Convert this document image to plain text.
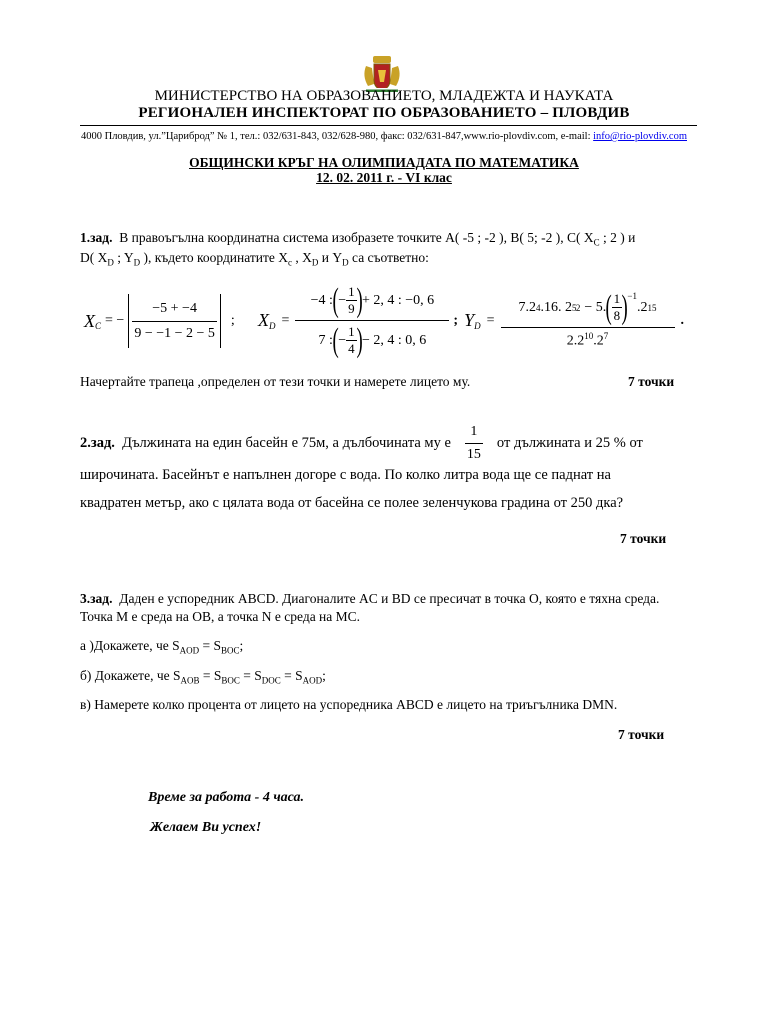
МИНИСТЕРСТВО НА ОБРАЗОВАНИЕТО, МЛАДЕЖТА И НАУКАТА
РЕГИОНАЛЕН ИНСПЕКТОРАТ ПО ОБРАЗОВАНИЕТО – ПЛОВДИВ
4000 Пловдив, ул.”Цариброд” № 1, тел.: 032/631-843, 032/628-980, факс: 032/631-847,www.rio-plovdiv.com, e-mail: info@rio-plovdiv.com
ОБЩИНСКИ КРЪГ НА ОЛИМПИАДАТА ПО МАТЕМАТИКА
12. 02. 2011 г. - VI клас
1.зад. В правоъгълна координатна система изобразете точките А( -5 ; -2 ), В( 5; -2 ), С( $X_C$ ; 2 ) и
D( $X_D$ ; $Y_D$ ), където координатите $X_c$ , $X_D$ и $Y_D$ са съответно:
$X_C$ = − $\frac{-5 + -4}{9 - -1 - 2 - 5}$ ; $X_D = \frac{-4 : ( - \frac{1}{9} ) + 2, 4 : -0, 6}{7 : ( - \frac{1}{4} ) - 2, 4 : 0, 6}$ ; $Y_D$ =
7.2 4 .16. 2 5 2 − 5. ( $\frac{1}{8} )^{-1}$
.2 15
$2.2^{10}.2^7$
.
Начертайте трапеца ,определен от тези точки и намерете лицето му.	7 точки
2.зад.
Дължината на един басейн е 75м, а дълбочината му е $\frac{1}{15}$ от дължината и 25 % от
широчината. Басейнът е напълнен догоре с вода. По колко литра вода ще се паднат на
квадратен метър, ако с цялата вода от басейна се полее зеленчукова градина от 250 дка?
7 точки
3.зад. Даден е успоредник ABCD. Диагоналите AC и BD се пресичат в точка О, която е тяхна среда.
Точка М е среда на ОВ, а точка N е среда на МС.
а )Докажете, че $S_{AOD} = S_{BOC}$;
б) Докажете, че $S_{AOB} = S_{BOC} = S_{DOC} = S_{AOD}$;
в) Намерете колко процента от лицето на успоредника ABCD е лицето на триъгълника DMN.
7 точки
Време за работа - 4 часа.
Желаем Ви успех!
